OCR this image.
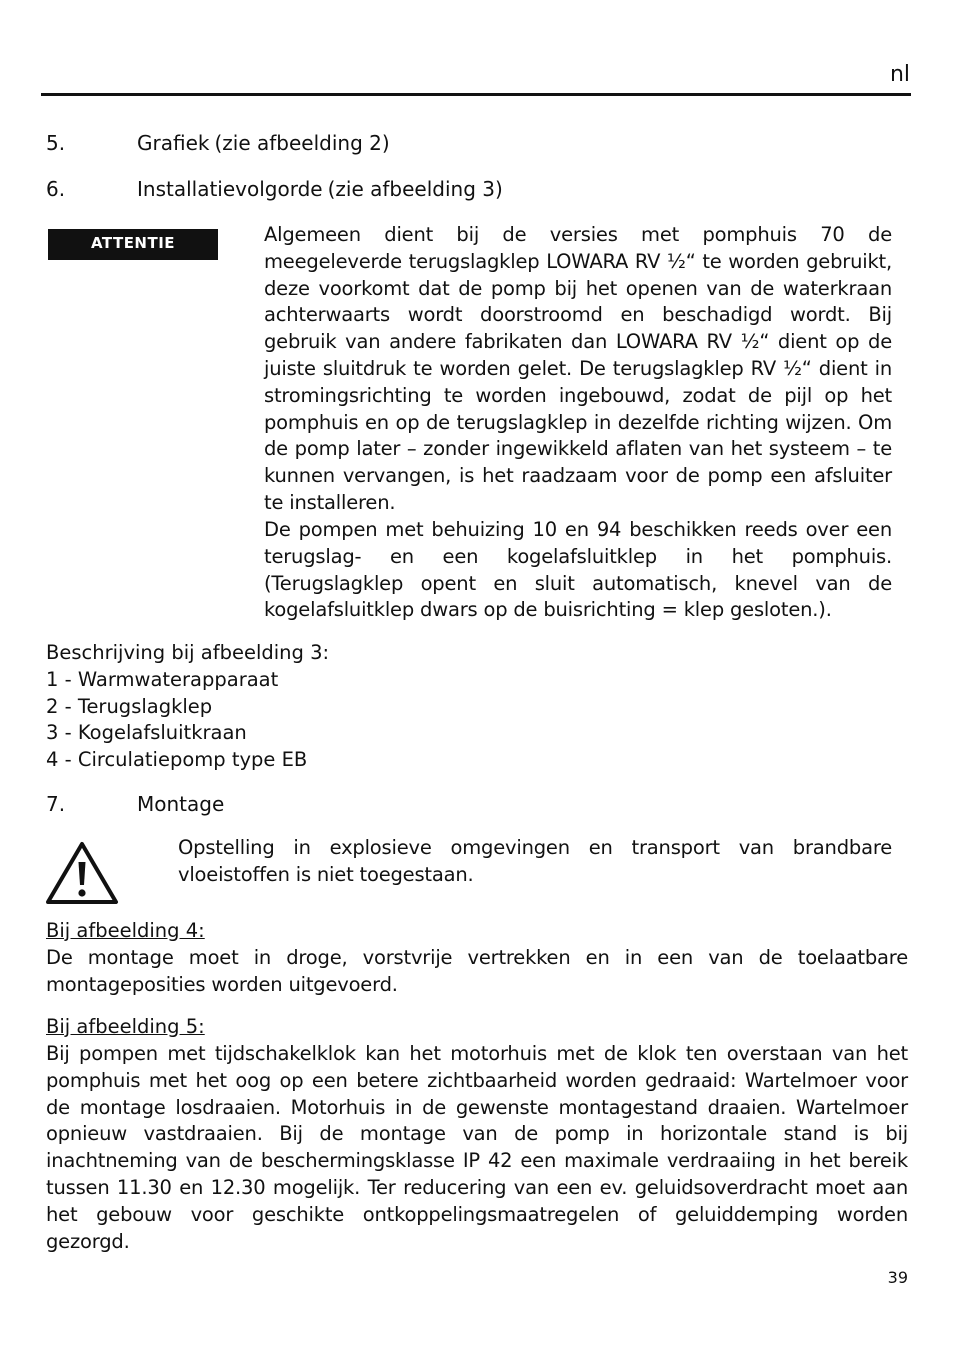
nl
5.	Grafiek (zie afbeelding 2)
6.	Installatievolgorde (zie afbeelding 3)
ATTENTIE	Algemeen dient bij de versies met pomphuis 70 de meegeleverde terugslagklep LOWARA RV ½“ te worden gebruikt, deze voorkomt dat de pomp bij het openen van de waterkraan achterwaarts wordt doorstroomd en beschadigd wordt. Bij gebruik van andere fabrikaten dan LOWARA RV ½“ dient op de juiste sluitdruk te worden gelet. De terugslagklep RV ½“ dient in stromingsrichting te worden ingebouwd, zodat de pijl op het pomphuis en op de terugslagklep in dezelfde richting wijzen. Om de pomp later – zonder ingewikkeld aflaten van het systeem – te kunnen vervangen, is het raadzaam voor de pomp een afsluiter te installeren.

De pompen met behuizing 10 en 94 beschikken reeds over een terugslag- en een kogelafsluitklep in het pomphuis. (Terugslagklep opent en sluit automatisch, knevel van de kogelafsluitklep dwars op de buisrichting = klep gesloten.).

Beschrijving bij afbeelding 3:
1 - Warmwaterapparaat
2 - Terugslagklep
3 - Kogelafsluitkraan
4 - Circulatiepomp type EB
7.	Montage

Opstelling in explosieve omgevingen en transport van brandbare vloeistoffen is niet toegestaan.

Bij afbeelding 4:

De montage moet in droge, vorstvrije vertrekken en in een van de toelaatbare montageposities worden uitgevoerd.

Bij afbeelding 5:

Bij pompen met tijdschakelklok kan het motorhuis met de klok ten overstaan van het pomphuis met het oog op een betere zichtbaarheid worden gedraaid: Wartelmoer voor de montage losdraaien. Motorhuis in de gewenste montagestand draaien. Wartelmoer opnieuw vastdraaien. Bij de montage van de pomp in horizontale stand is bij inachtneming van de beschermingsklasse IP 42 een maximale verdraaiing in het bereik tussen 11.30 en 12.30 mogelijk. Ter reducering van een ev. geluidsoverdracht moet aan het gebouw voor geschikte ontkoppelingsmaatregelen of geluiddemping worden gezorgd.

39
